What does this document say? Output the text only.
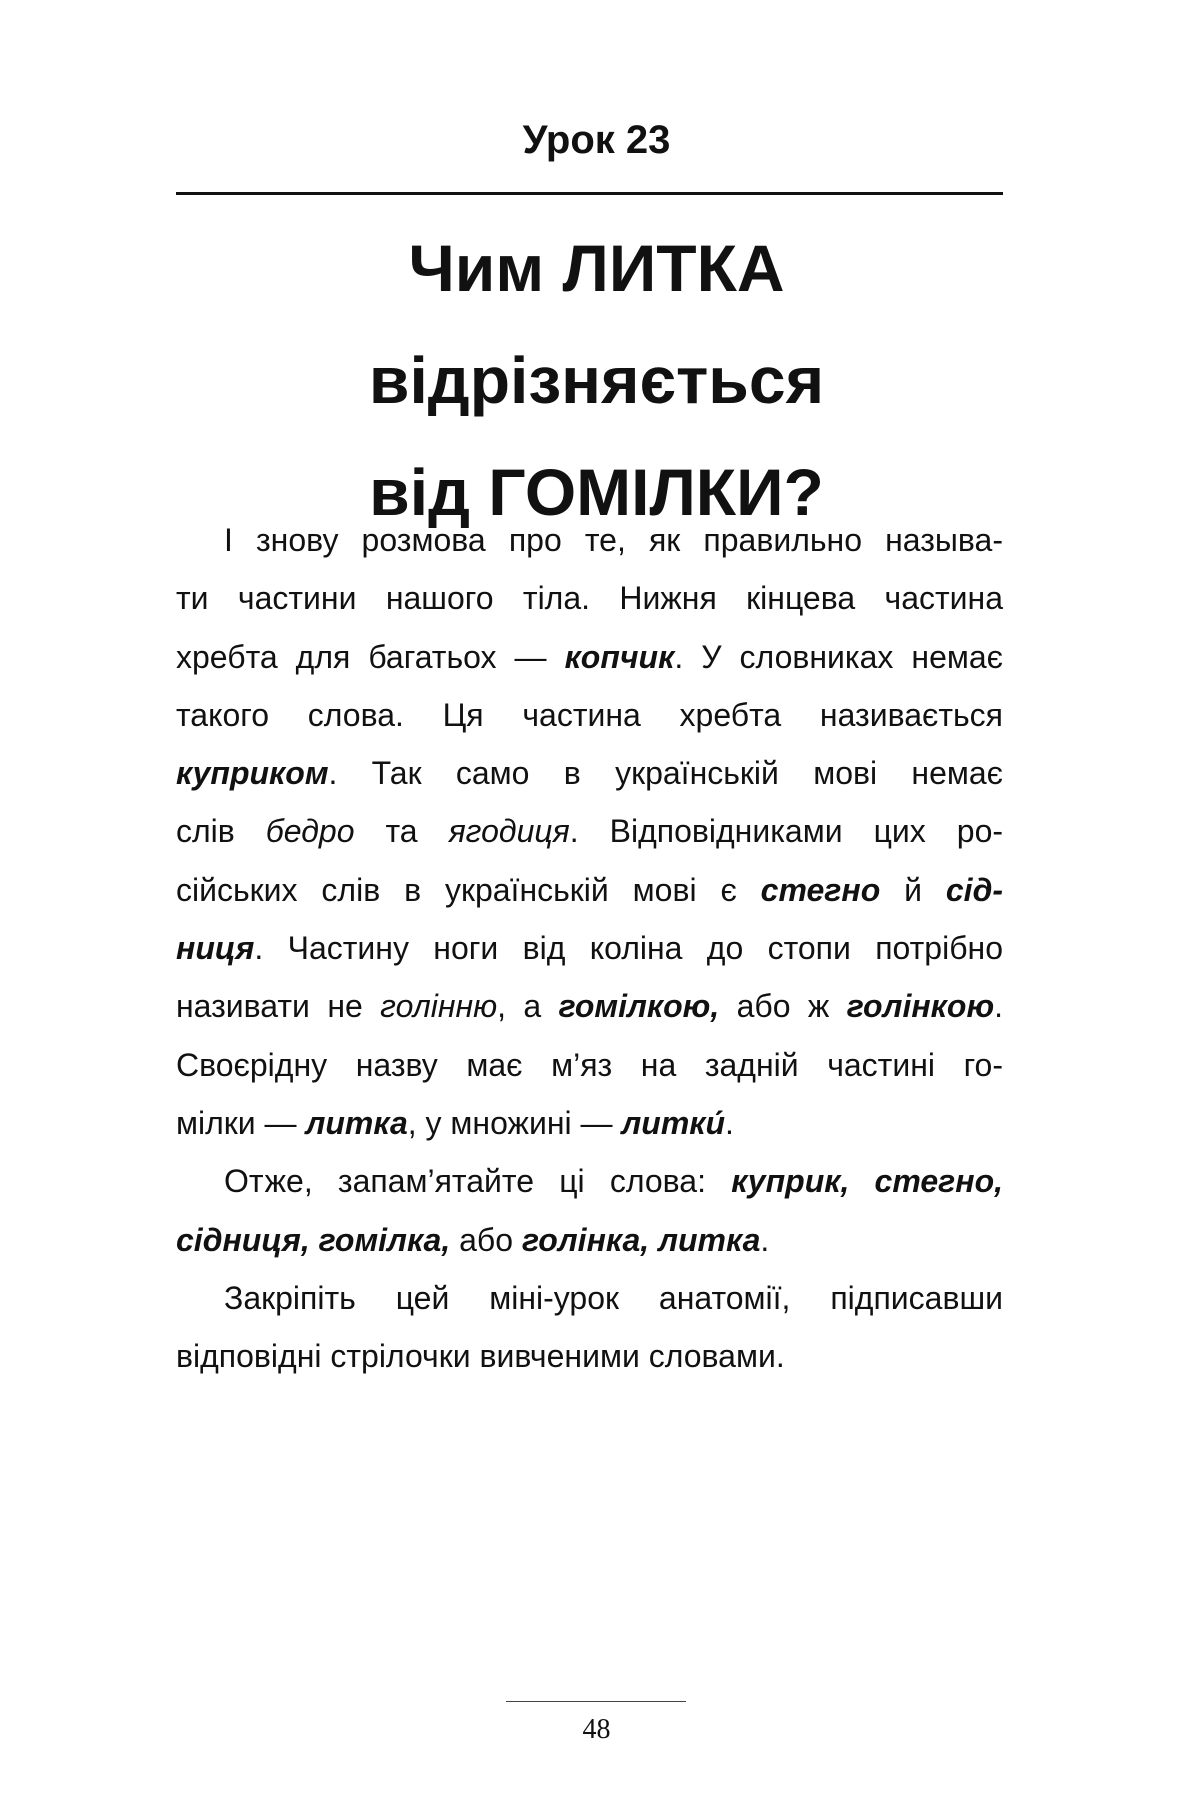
Урок 23
Чим ЛИТКА
відрізняється
від ГОМІЛКИ?
І знову розмова про те, як правильно называ-
ти частини нашого тіла. Нижня кінцева частина
хребта для багатьох — копчик. У словниках немає
такого слова. Ця частина хребта називається
куприком. Так само в українській мові немає
слів бедро та ягодиця. Відповідниками цих ро-
сійських слів в українській мові є стегно й сід-
ниця. Частину ноги від коліна до стопи потрібно
називати не голінню, а гомілкою, або ж голінкою.
Своєрідну назву має м’яз на задній частині го-
мілки — литка, у множині — литки́.
Отже, запам’ятайте ці слова: куприк, стегно,
сідниця, гомілка, або голінка, литка.
Закріпіть цей міні-урок анатомії, підписавши
відповідні стрілочки вивченими словами.
48
